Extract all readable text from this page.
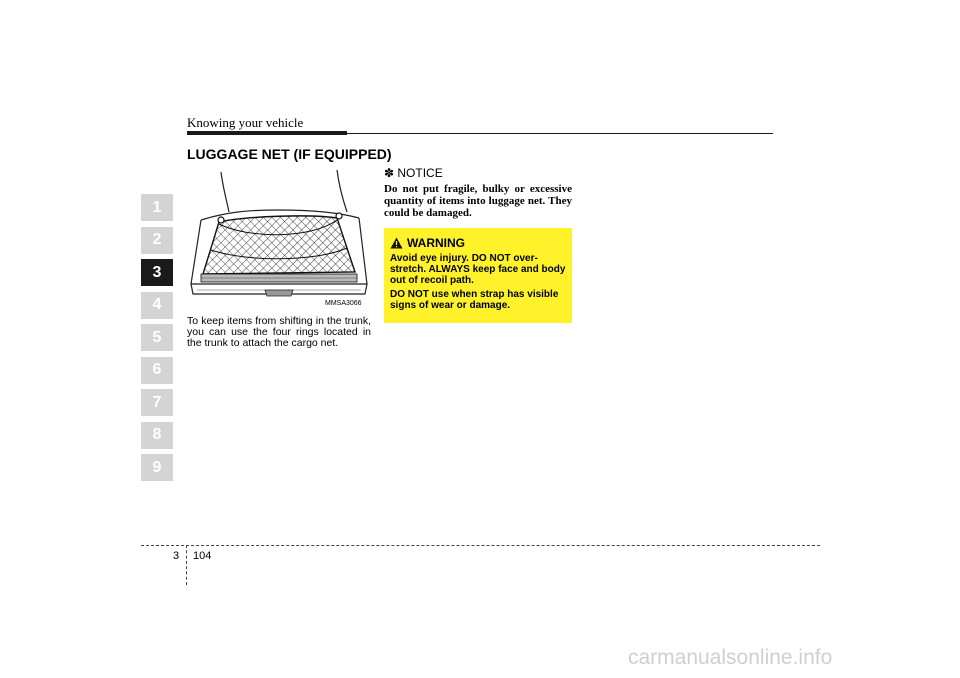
Knowing your vehicle
LUGGAGE NET (IF EQUIPPED)
1
2
3
4
5
6
7
8
9
MMSA3066
To keep items from shifting in the trunk, you can use the four rings located in the trunk to attach the cargo net.
✽ NOTICE
Do not put fragile, bulky or excessive quantity of items into luggage net. They could be damaged.
WARNING

Avoid eye injury. DO NOT over-stretch. ALWAYS keep face and body out of recoil path.

DO NOT use when strap has visible signs of wear or damage.

3 104
carmanualsonline.info
